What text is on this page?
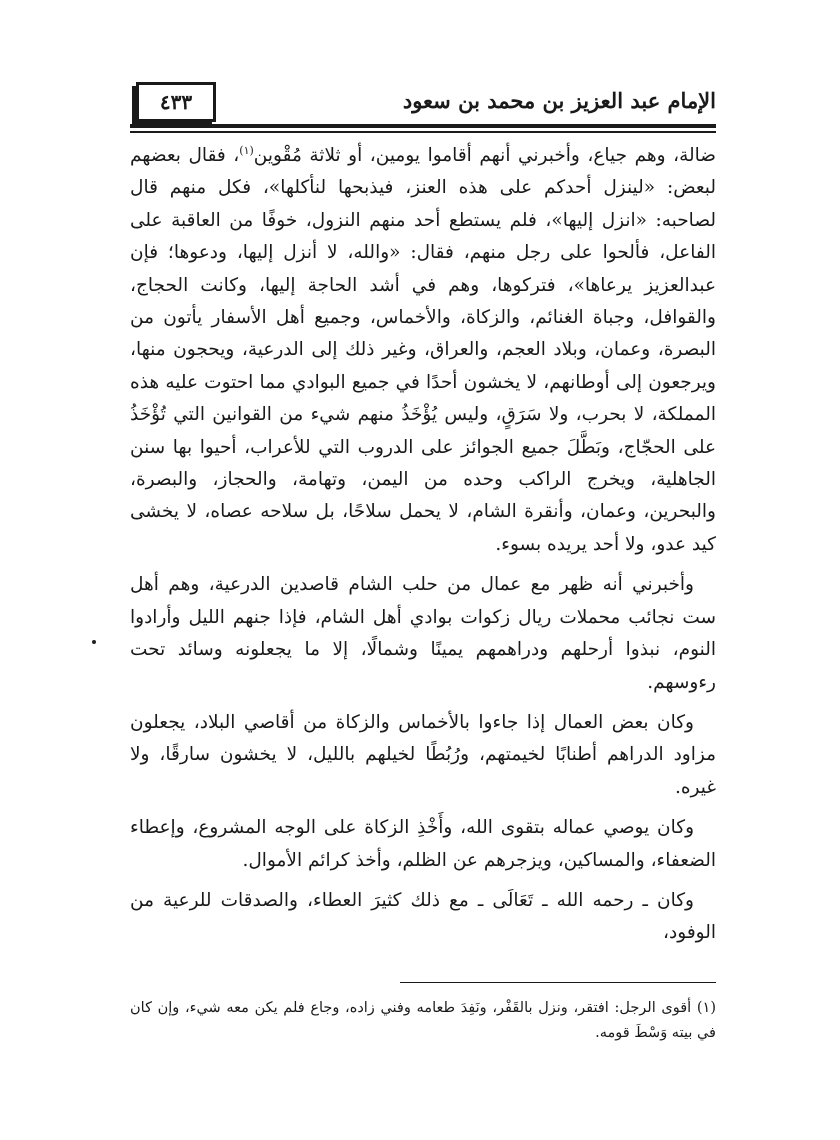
٤٣٣	الإمام عبد العزيز بن محمد بن سعود

ضالة، وهم جياع، وأخبرني أنهم أقاموا يومين، أو ثلاثة مُقْوين$^{(١)}$، فقال بعضهم لبعض: «لينزل أحدكم على هذه العنز، فيذبحها لنأكلها»، فكل منهم قال لصاحبه: «انزل إليها»، فلم يستطع أحد منهم النزول، خوفًا من العاقبة على الفاعل، فألحوا على رجل منهم، فقال: «والله، لا أنزل إليها، ودعوها؛ فإن عبدالعزيز يرعاها»، فتركوها، وهم في أشد الحاجة إليها، وكانت الحجاج، والقوافل، وجباة الغنائم، والزكاة، والأخماس، وجميع أهل الأسفار يأتون من البصرة، وعمان، وبلاد العجم، والعراق، وغير ذلك إلى الدرعية، ويحجون منها، ويرجعون إلى أوطانهم، لا يخشون أحدًا في جميع البوادي مما احتوت عليه هذه المملكة، لا بحرب، ولا سَرَقٍ، وليس يُؤْخَذُ منهم شيء من القوانين التي تُؤْخَذُ على الحجّاج، وبَطَّلَ جميع الجوائز على الدروب التي للأعراب، أحيوا بها سنن الجاهلية، ويخرج الراكب وحده من اليمن، وتهامة، والحجاز، والبصرة، والبحرين، وعمان، وأنقرة الشام، لا يحمل سلاحًا، بل سلاحه عصاه، لا يخشى كيد عدو، ولا أحد يريده بسوء.

وأخبرني أنه ظهر مع عمال من حلب الشام قاصدين الدرعية، وهم أهل ست نجائب محملات ريال زكوات بوادي أهل الشام، فإذا جنهم الليل وأرادوا النوم، نبذوا أرحلهم ودراهمهم يمينًا وشمالًا، إلا ما يجعلونه وسائد تحت رءوسهم.

وكان بعض العمال إذا جاءوا بالأخماس والزكاة من أقاصي البلاد، يجعلون مزاود الدراهم أطنابًا لخيمتهم، ورُبُطًا لخيلهم بالليل، لا يخشون سارقًا، ولا غيره.

وكان يوصي عماله بتقوى الله، وأَخْذِ الزكاة على الوجه المشروع، وإعطاء الضعفاء، والمساكين، ويزجرهم عن الظلم، وأخذ كرائم الأموال.

وكان ـ رحمه الله ـ تَعَالَى ـ مع ذلك كثيرَ العطاء، والصدقات للرعية من الوفود،

(١) أقوى الرجل: افتقر، ونزل بالقَفْر، ونَفِدَ طعامه وفني زاده، وجاع فلم يكن معه شيء، وإن كان في بيته وَسْطَ قومه.
